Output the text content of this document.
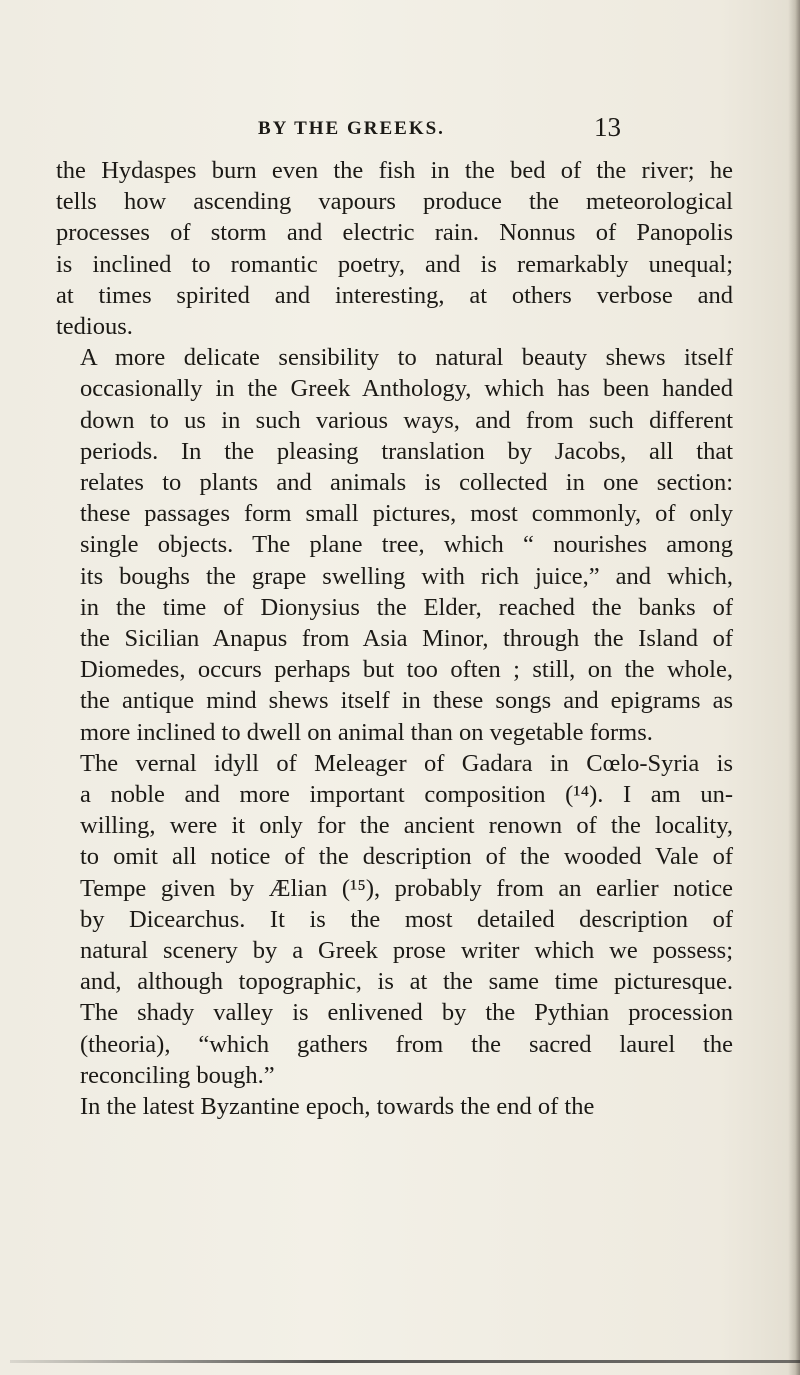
BY THE GREEKS.	13

the Hydaspes burn even the fish in the bed of the river; he
tells how ascending vapours produce the meteorological
processes of storm and electric rain. Nonnus of Panopolis
is inclined to romantic poetry, and is remarkably unequal;
at times spirited and interesting, at others verbose and
tedious.

A more delicate sensibility to natural beauty shews itself
occasionally in the Greek Anthology, which has been handed
down to us in such various ways, and from such different
periods. In the pleasing translation by Jacobs, all that
relates to plants and animals is collected in one section:
these passages form small pictures, most commonly, of only
single objects. The plane tree, which “ nourishes among
its boughs the grape swelling with rich juice,” and which,
in the time of Dionysius the Elder, reached the banks of
the Sicilian Anapus from Asia Minor, through the Island of
Diomedes, occurs perhaps but too often ; still, on the whole,
the antique mind shews itself in these songs and epigrams as
more inclined to dwell on animal than on vegetable forms.

The vernal idyll of Meleager of Gadara in Cœlo-Syria is
a noble and more important composition (¹⁴). I am un-
willing, were it only for the ancient renown of the locality,
to omit all notice of the description of the wooded Vale of
Tempe given by Ælian (¹⁵), probably from an earlier notice
by Dicearchus. It is the most detailed description of
natural scenery by a Greek prose writer which we possess;
and, although topographic, is at the same time picturesque.
The shady valley is enlivened by the Pythian procession
(theoria), “which gathers from the sacred laurel the
reconciling bough.”

In the latest Byzantine epoch, towards the end of the
